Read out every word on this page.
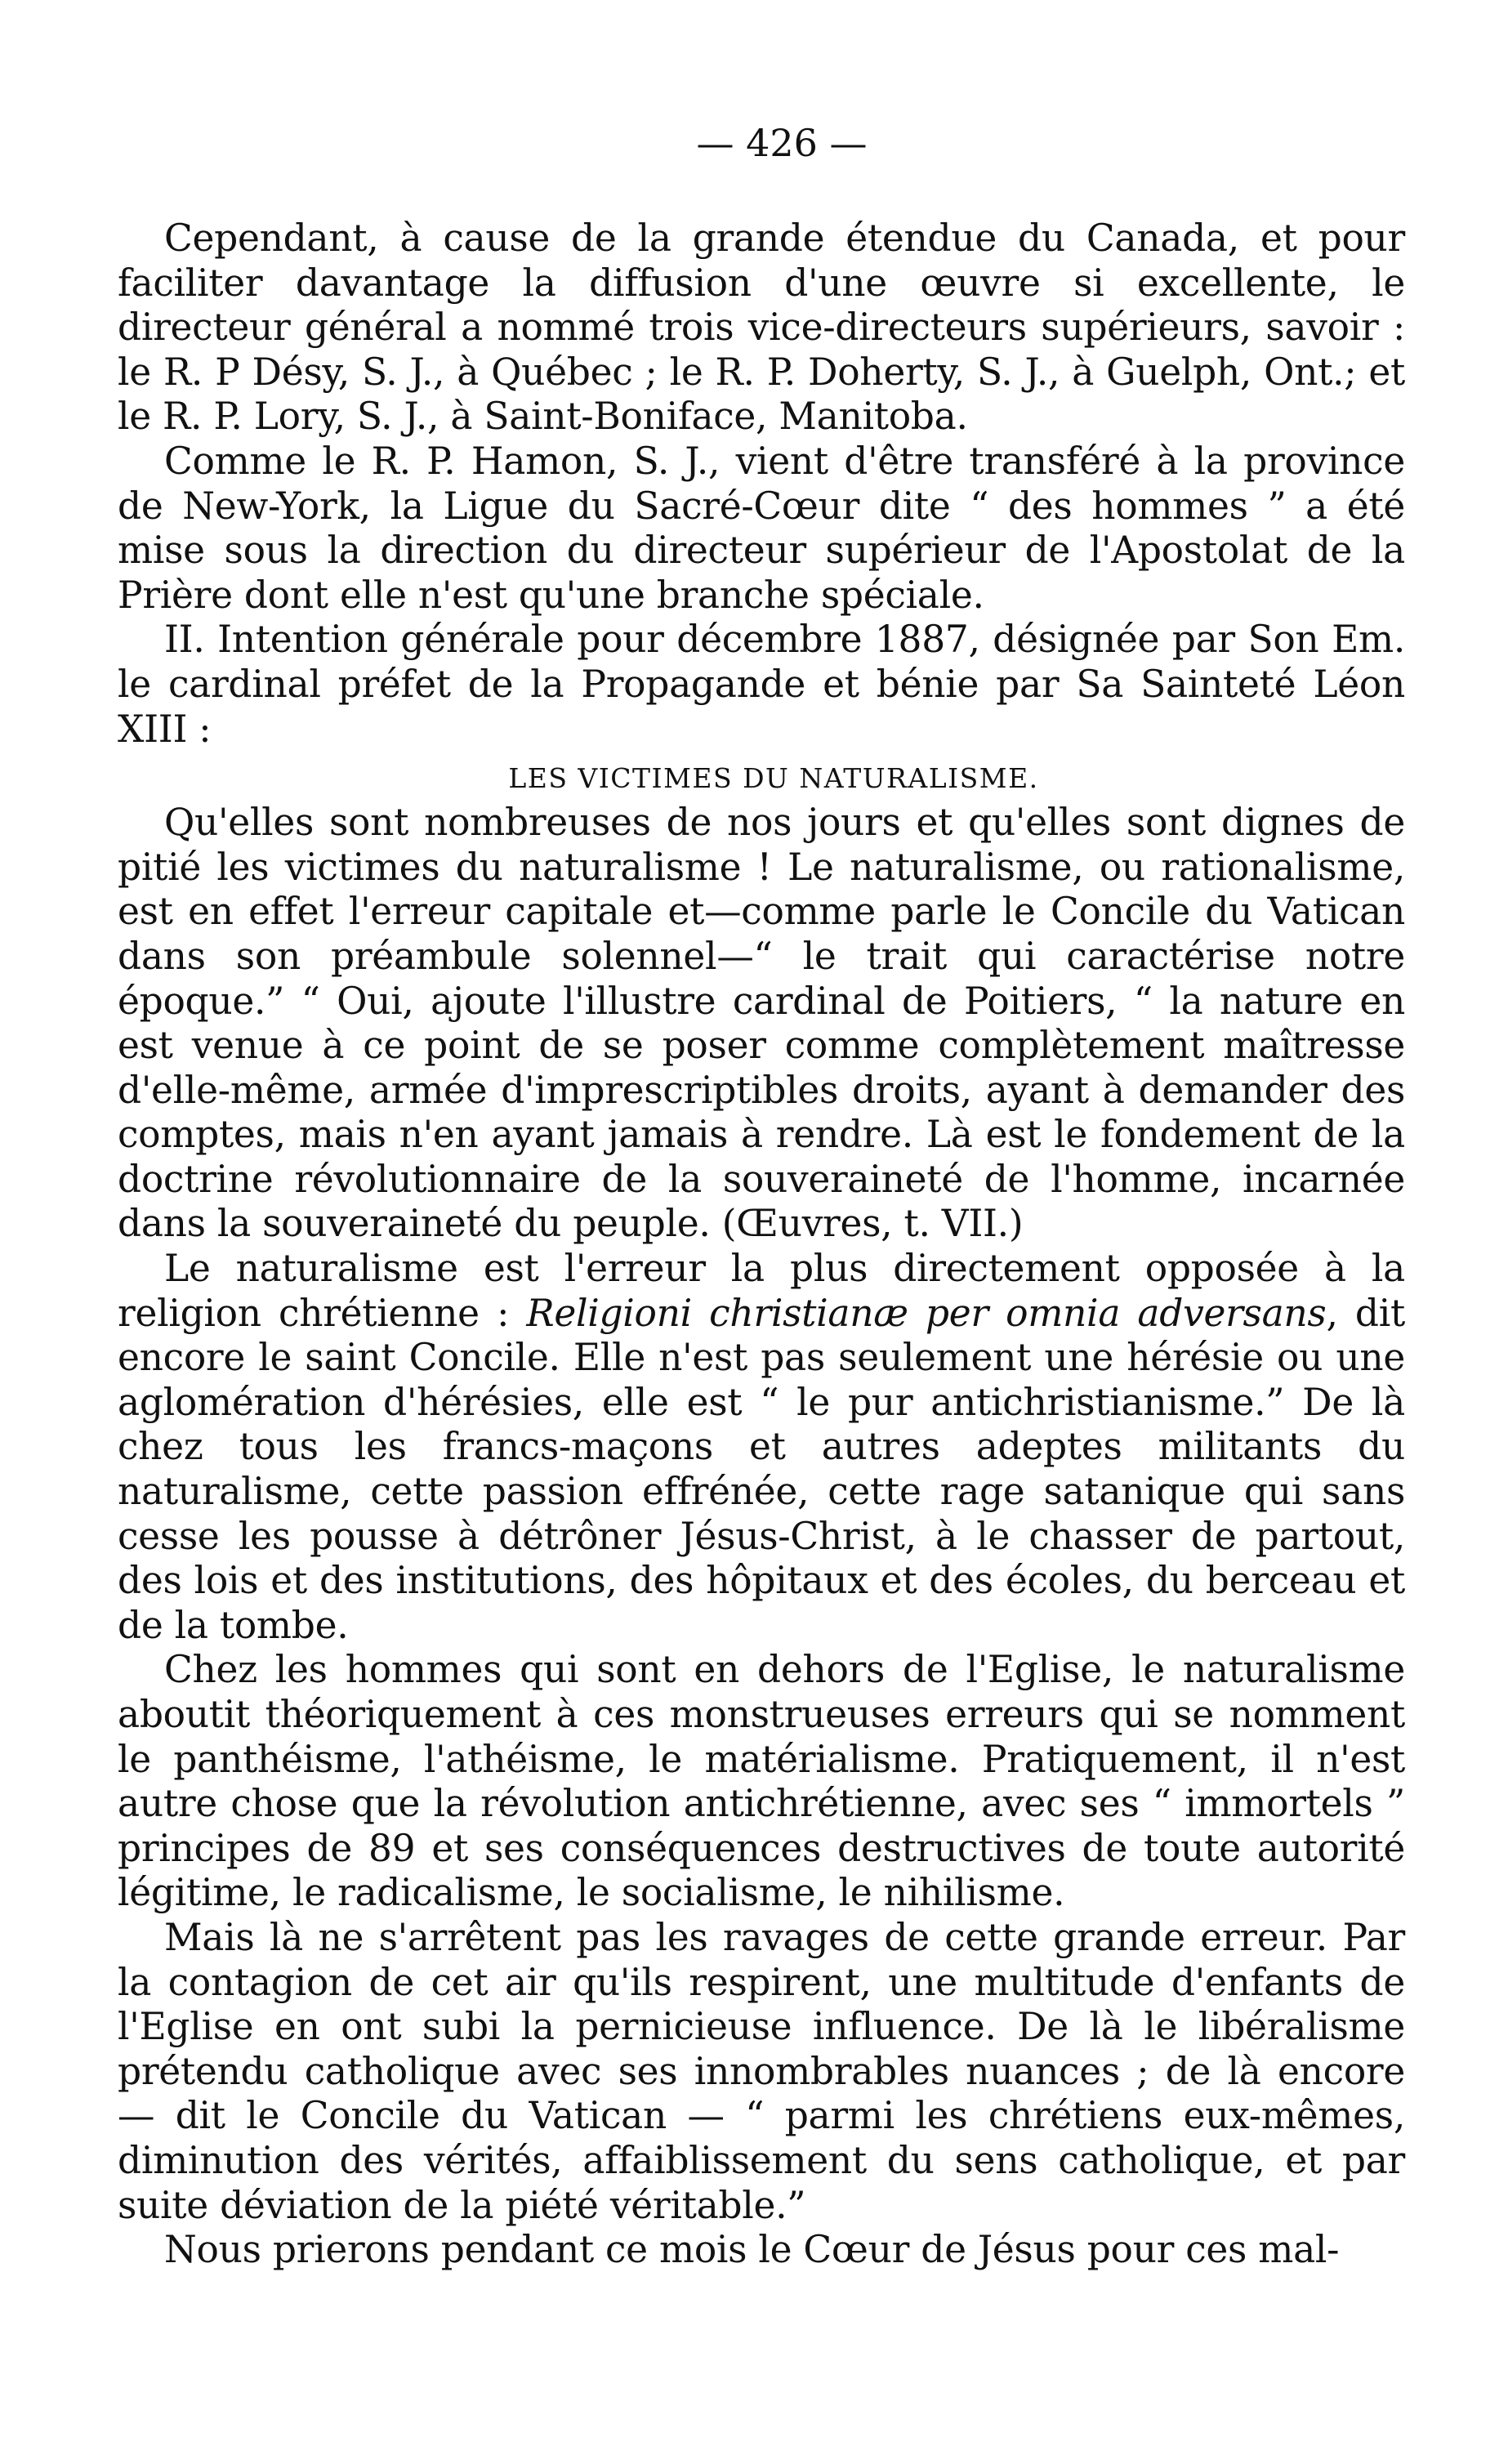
— 426 —

Cependant, à cause de la grande étendue du Canada, et pour faciliter davantage la diffusion d'une œuvre si excellente, le directeur général a nommé trois vice-directeurs supérieurs, savoir : le R. P Désy, S. J., à Québec ; le R. P. Doherty, S. J., à Guelph, Ont.; et le R. P. Lory, S. J., à Saint-Boniface, Manitoba.

Comme le R. P. Hamon, S. J., vient d'être transféré à la province de New-York, la Ligue du Sacré-Cœur dite “ des hommes ” a été mise sous la direction du directeur supérieur de l'Apostolat de la Prière dont elle n'est qu'une branche spéciale.

II. Intention générale pour décembre 1887, désignée par Son Em. le cardinal préfet de la Propagande et bénie par Sa Sainteté Léon XIII :

LES VICTIMES DU NATURALISME.

Qu'elles sont nombreuses de nos jours et qu'elles sont dignes de pitié les victimes du naturalisme ! Le naturalisme, ou rationalisme, est en effet l'erreur capitale et—comme parle le Concile du Vatican dans son préambule solennel—“ le trait qui caractérise notre époque.” “ Oui, ajoute l'illustre cardinal de Poitiers, “ la nature en est venue à ce point de se poser comme complètement maîtresse d'elle-même, armée d'imprescriptibles droits, ayant à demander des comptes, mais n'en ayant jamais à rendre. Là est le fondement de la doctrine révolutionnaire de la souveraineté de l'homme, incarnée dans la souveraineté du peuple. (Œuvres, t. VII.)

Le naturalisme est l'erreur la plus directement opposée à la religion chrétienne : Religioni christianæ per omnia adversans, dit encore le saint Concile. Elle n'est pas seulement une hérésie ou une aglomération d'hérésies, elle est “ le pur antichristianisme.” De là chez tous les francs-maçons et autres adeptes militants du naturalisme, cette passion effrénée, cette rage satanique qui sans cesse les pousse à détrôner Jésus-Christ, à le chasser de partout, des lois et des institutions, des hôpitaux et des écoles, du berceau et de la tombe.

Chez les hommes qui sont en dehors de l'Eglise, le naturalisme aboutit théoriquement à ces monstrueuses erreurs qui se nomment le panthéisme, l'athéisme, le matérialisme. Pratiquement, il n'est autre chose que la révolution antichrétienne, avec ses “ immortels ” principes de 89 et ses conséquences destructives de toute autorité légitime, le radicalisme, le socialisme, le nihilisme.

Mais là ne s'arrêtent pas les ravages de cette grande erreur. Par la contagion de cet air qu'ils respirent, une multitude d'enfants de l'Eglise en ont subi la pernicieuse influence. De là le libéralisme prétendu catholique avec ses innombrables nuances ; de là encore — dit le Concile du Vatican — “ parmi les chrétiens eux-mêmes, diminution des vérités, affaiblissement du sens catholique, et par suite déviation de la piété véritable.”

Nous prierons pendant ce mois le Cœur de Jésus pour ces mal-
